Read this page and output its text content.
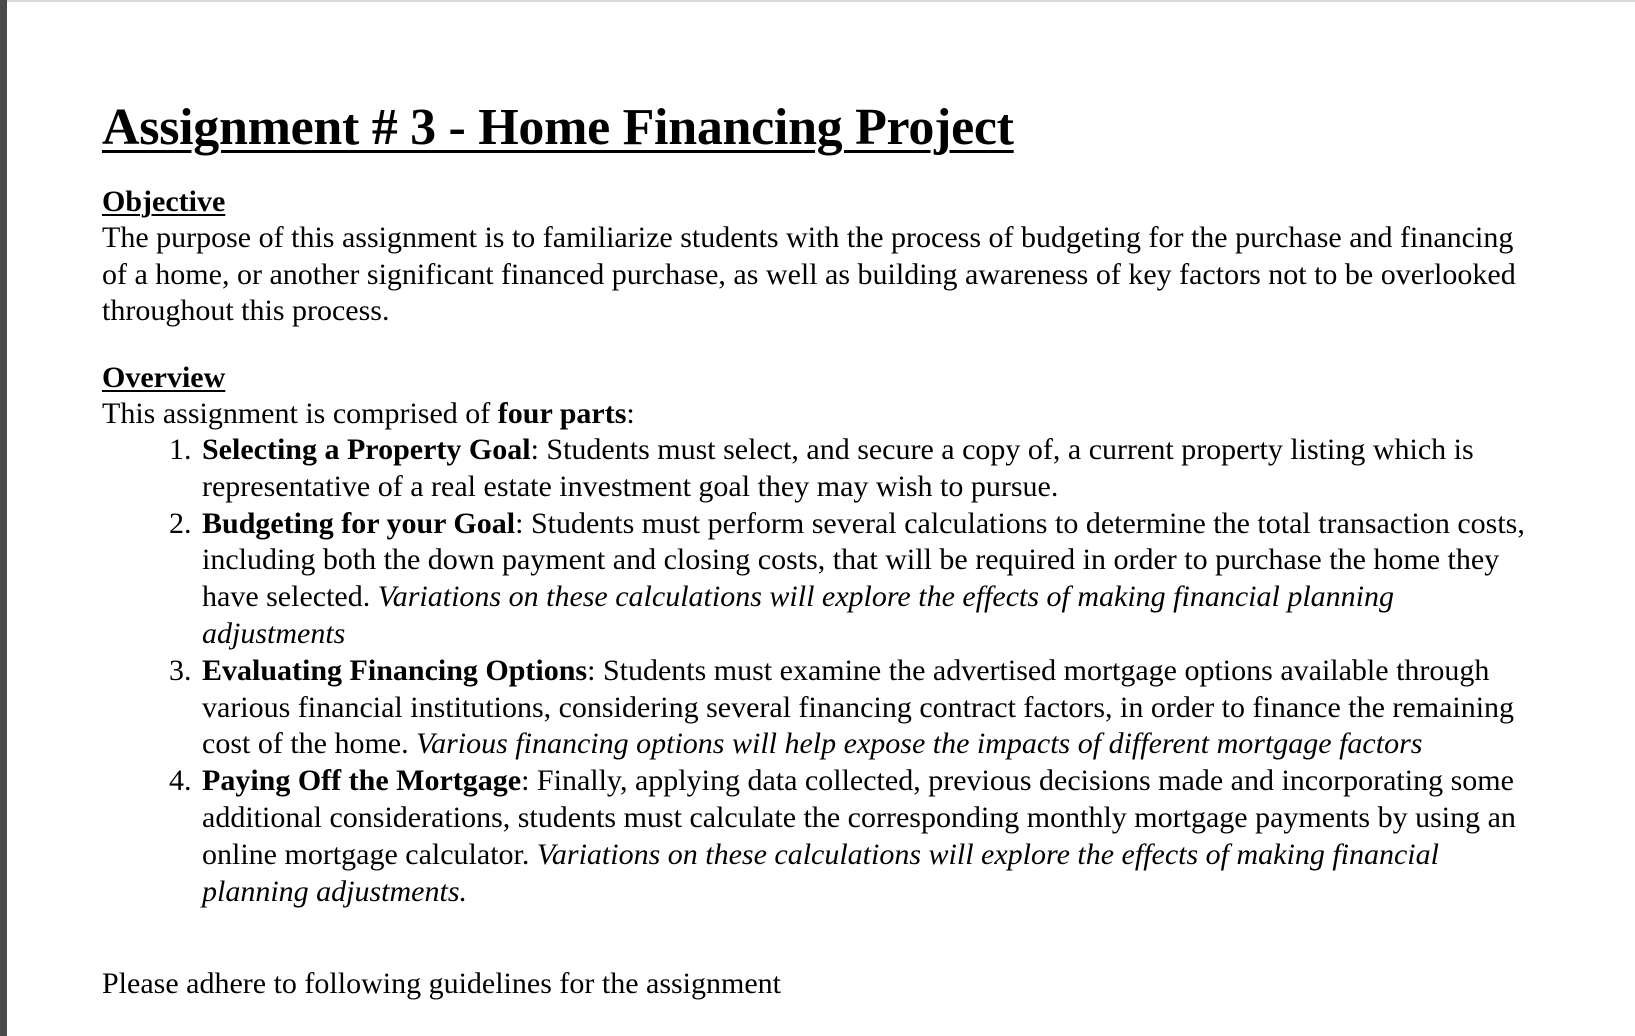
Assignment # 3 - Home Financing Project
Objective

The purpose of this assignment is to familiarize students with the process of budgeting for the purchase and financing of a home, or another significant financed purchase, as well as building awareness of key factors not to be overlooked throughout this process.

Overview

This assignment is comprised of four parts:

1. Selecting a Property Goal: Students must select, and secure a copy of, a current property listing which is representative of a real estate investment goal they may wish to pursue.
2. Budgeting for your Goal: Students must perform several calculations to determine the total transaction costs, including both the down payment and closing costs, that will be required in order to purchase the home they have selected. Variations on these calculations will explore the effects of making financial planning adjustments
3. Evaluating Financing Options: Students must examine the advertised mortgage options available through various financial institutions, considering several financing contract factors, in order to finance the remaining cost of the home. Various financing options will help expose the impacts of different mortgage factors
4. Paying Off the Mortgage: Finally, applying data collected, previous decisions made and incorporating some additional considerations, students must calculate the corresponding monthly mortgage payments by using an online mortgage calculator. Variations on these calculations will explore the effects of making financial planning adjustments.
Please adhere to following guidelines for the assignment
